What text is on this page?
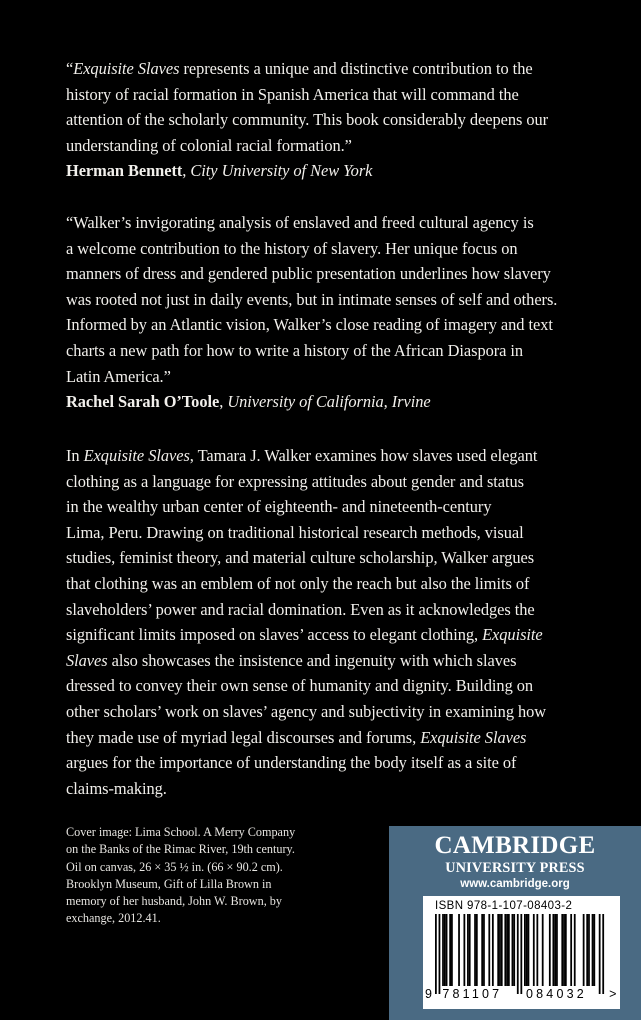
“Exquisite Slaves represents a unique and distinctive contribution to the
history of racial formation in Spanish America that will command the
attention of the scholarly community. This book considerably deepens our
understanding of colonial racial formation.”
Herman Bennett, City University of New York
“Walker’s invigorating analysis of enslaved and freed cultural agency is
a welcome contribution to the history of slavery. Her unique focus on
manners of dress and gendered public presentation underlines how slavery
was rooted not just in daily events, but in intimate senses of self and others.
Informed by an Atlantic vision, Walker’s close reading of imagery and text
charts a new path for how to write a history of the African Diaspora in
Latin America.”
Rachel Sarah O’Toole, University of California, Irvine
In Exquisite Slaves, Tamara J. Walker examines how slaves used elegant
clothing as a language for expressing attitudes about gender and status
in the wealthy urban center of eighteenth- and nineteenth-century
Lima, Peru. Drawing on traditional historical research methods, visual
studies, feminist theory, and material culture scholarship, Walker argues
that clothing was an emblem of not only the reach but also the limits of
slaveholders’ power and racial domination. Even as it acknowledges the
significant limits imposed on slaves’ access to elegant clothing, Exquisite
Slaves also showcases the insistence and ingenuity with which slaves
dressed to convey their own sense of humanity and dignity. Building on
other scholars’ work on slaves’ agency and subjectivity in examining how
they made use of myriad legal discourses and forums, Exquisite Slaves
argues for the importance of understanding the body itself as a site of
claims-making.
Cover image: Lima School. A Merry Company
on the Banks of the Rimac River, 19th century.
Oil on canvas, 26 × 35 ½ in. (66 × 90.2 cm).
Brooklyn Museum, Gift of Lilla Brown in
memory of her husband, John W. Brown, by
exchange, 2012.41.
CAMBRIDGE
UNIVERSITY PRESS
www.cambridge.org
ISBN 978-1-107-08403-2
9 781107 084032 >
